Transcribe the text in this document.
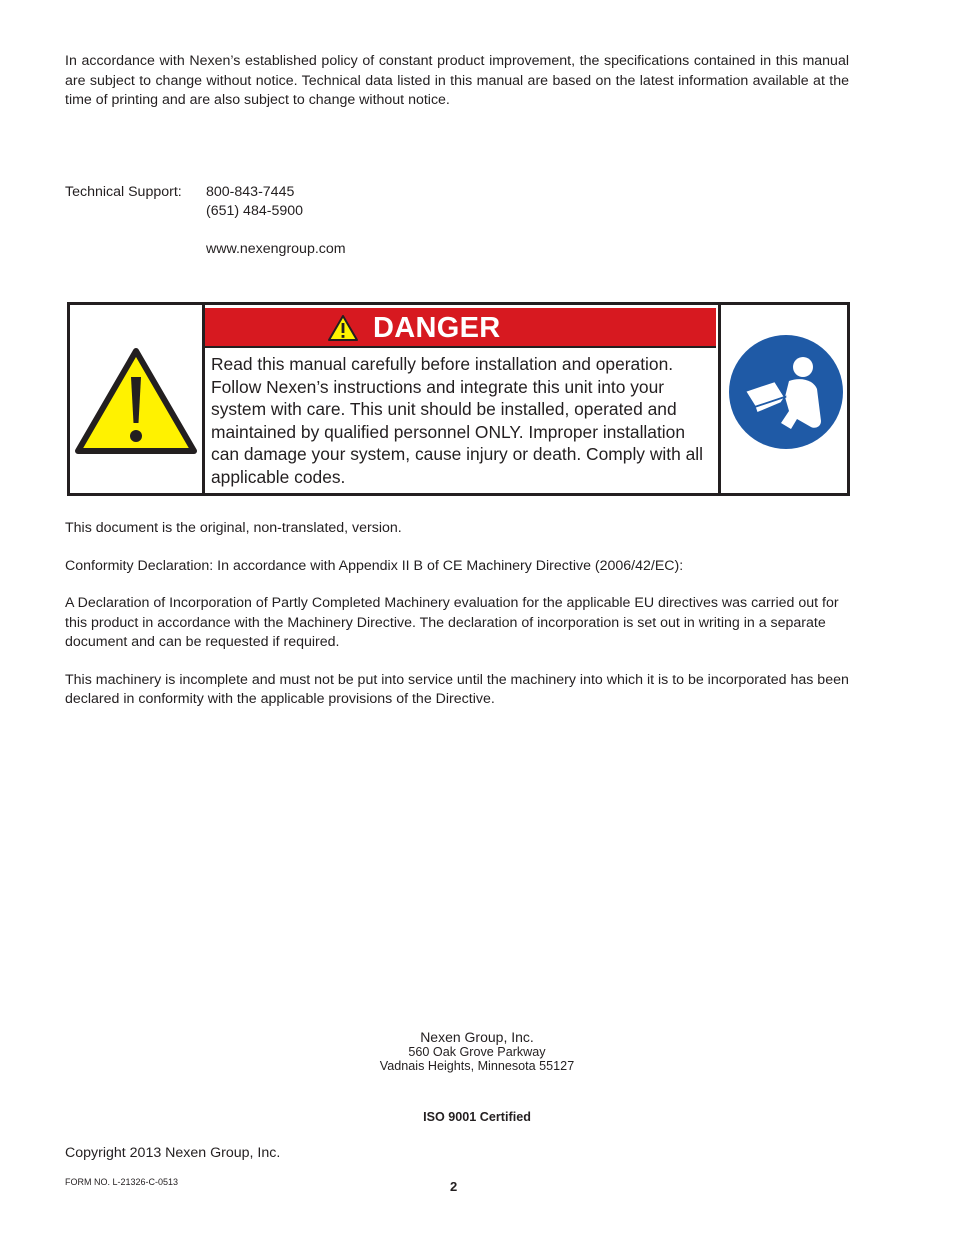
In accordance with Nexen’s established policy of constant product improvement, the specifications contained in this manual are subject to change without notice. Technical data listed in this manual are based on the latest information available at the time of printing and are also subject to change without notice.
Technical Support: 800-843-7445
(651) 484-5900
www.nexengroup.com
DANGER
Read this manual carefully before installation and operation. Follow Nexen’s instructions and integrate this unit into your system with care. This unit should be installed, operated and maintained by qualified personnel ONLY. Improper installation can damage your system, cause injury or death. Comply with all applicable codes.

This document is the original, non-translated, version.

Conformity Declaration: In accordance with Appendix II B of CE Machinery Directive (2006/42/EC):

A Declaration of Incorporation of Partly Completed Machinery evaluation for the applicable EU directives was carried out for this product in accordance with the Machinery Directive. The declaration of incorporation is set out in writing in a separate document and can be requested if required.

This machinery is incomplete and must not be put into service until the machinery into which it is to be incorporated has been declared in conformity with the applicable provisions of the Directive.

Nexen Group, Inc.
560 Oak Grove Parkway
Vadnais Heights, Minnesota 55127
ISO 9001 Certified
Copyright 2013 Nexen Group, Inc.
FORM NO. L-21326-C-0513	2
